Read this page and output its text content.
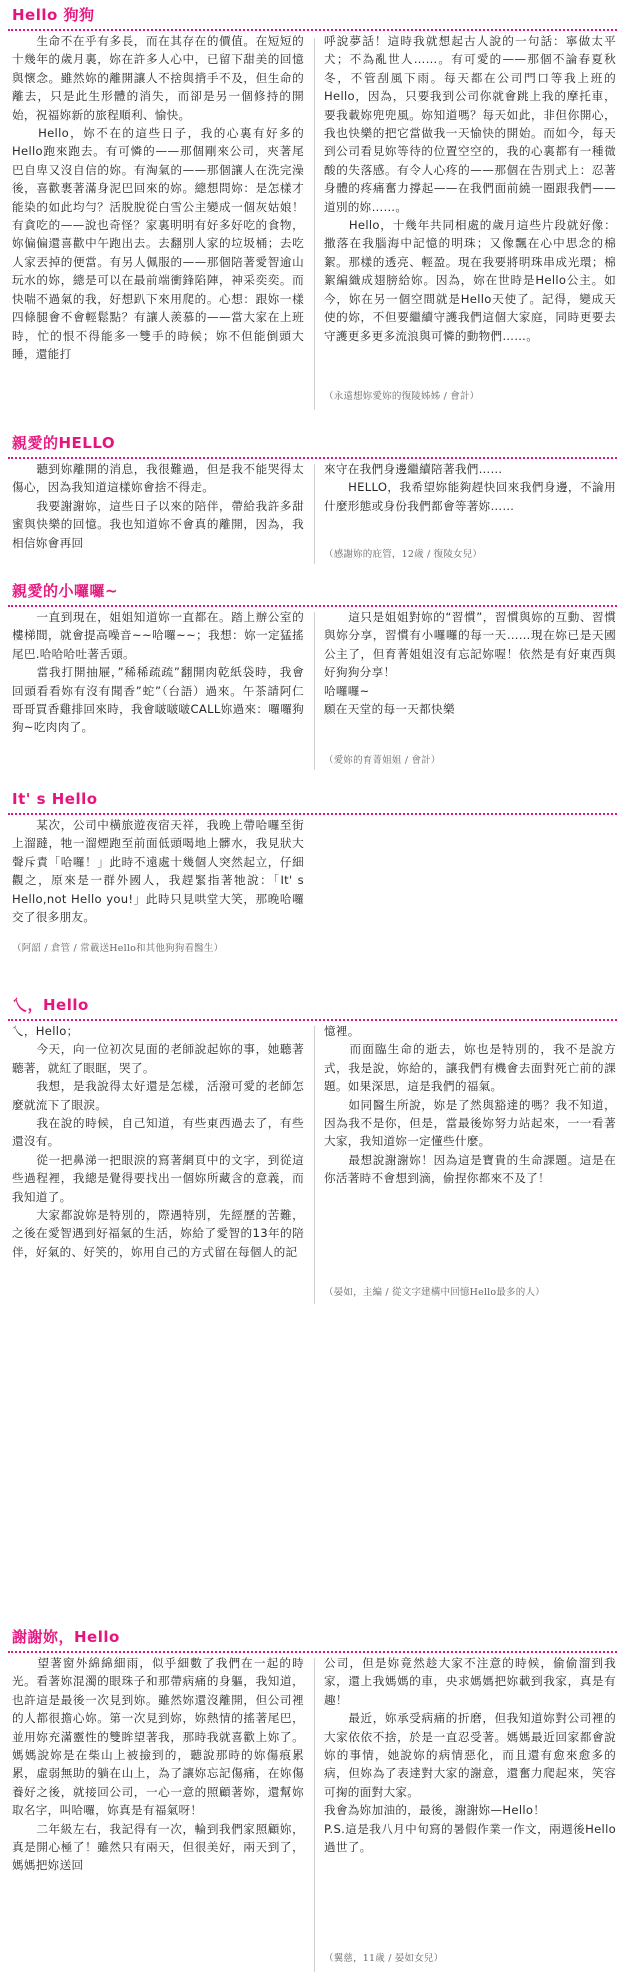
Hello 狗狗

　　生命不在乎有多長，而在其存在的價值。在短短的十幾年的歲月裏，妳在許多人心中，已留下甜美的回憶與懷念。雖然妳的離開讓人不捨與揹手不及，但生命的離去，只是此生形體的消失，而卻是另一個修持的開始，祝福妳新的旅程順利、愉快。
　　Hello，妳不在的這些日子，我的心裏有好多的Hello跑來跑去。有可憐的——那個剛來公司，夾著尾巴自卑又沒自信的妳。有淘氣的——那個讓人在洗完澡後，喜歡裹著滿身泥巴回來的妳。總想問妳：是怎樣才能染的如此均勻？活脫脫從白雪公主變成一個灰姑娘！有貪吃的——說也奇怪？家裏明明有好多好吃的食物，妳偏偏還喜歡中午跑出去。去翻別人家的垃圾桶；去吃人家丟掉的便當。有另人佩服的——那個陪著愛智逾山玩水的妳，總是可以在最前端衝鋒陷陣，神采奕奕。而快喘不過氣的我，好想趴下來用爬的。心想：跟妳一樣四條腿會不會輕鬆點？有讓人羨慕的——當大家在上班時，忙的恨不得能多一雙手的時候；妳不但能倒頭大睡，還能打

呼說夢話！這時我就想起古人說的一句話：寧做太平犬；不為亂世人……。有可愛的——那個不論春夏秋冬，不管刮風下雨。每天都在公司門口等我上班的Hello，因為，只要我到公司你就會跳上我的摩托車，要我載妳兜兜風。妳知道嗎？每天如此，非但你開心，我也快樂的把它當做我一天愉快的開始。而如今，每天到公司看見妳等待的位置空空的，我的心裏都有一種微酸的失落感。有令人心疼的——那個在告別式上：忍著身體的疼痛奮力撐起——在我們面前繞一圈跟我們——道別的妳……。
　　Hello，十幾年共同相處的歲月這些片段就好像：撒落在我腦海中記憶的明珠；又像飄在心中思念的棉絮。那樣的透亮、輕盈。現在我要將明珠串成光環；棉絮編織成翅膀給妳。因為，妳在世時是Hello公主。如今，妳在另一個空間就是Hello天使了。記得，變成天使的妳，不但要繼續守護我們這個大家庭，同時更要去守護更多更多流浪與可憐的動物們……。

（永遠想妳愛妳的復陵姊姊 / 會計）
親愛的HELLO

　　聽到妳離開的消息，我很難過，但是我不能哭得太傷心，因為我知道這樣妳會捨不得走。
　　我要謝謝妳，這些日子以來的陪伴，帶給我許多甜蜜與快樂的回憶。我也知道妳不會真的離開，因為，我相信妳會再回

來守在我們身邊繼續陪著我們……
　　HELLO，我希望妳能夠趕快回來我們身邊，不論用什麼形態或身份我們都會等著妳……

（感謝妳的庇管，12歲 / 復陵女兒）
親愛的小囉囉~

　　一直到現在，姐姐知道妳一直都在。踏上辦公室的樓梯間，就會提高噪音~~哈囉~~；我想：妳一定猛搖尾巴.哈哈哈吐著舌頭。
　　當我打開抽屜，”稀稀疏疏”翻開肉乾紙袋時，我會回頭看看妳有沒有聞香”蛇”（台語）過來。午茶請阿仁哥哥買香雞排回來時，我會啵啵啵CALL妳過來：囉囉狗狗~吃肉肉了。

　　這只是姐姐對妳的“習慣”，習慣與妳的互動、習慣與妳分享，習慣有小囉囉的每一天……現在妳已是天國公主了，但育菁姐姐沒有忘記妳喔！依然是有好東西與好狗狗分享！
哈囉囉~
願在天堂的每一天都快樂

（愛妳的育菁姐姐 / 會計）
It' s Hello

　　某次，公司中橫旅遊夜宿天祥，我晚上帶哈囉至街上溜躂，牠一溜煙跑至前面低頭喝地上髒水，我見狀大聲斥責「哈囉！」此時不遠處十幾個人突然起立，仔細觀之，原來是一群外國人，我趕緊指著牠說：「It' s Hello,not Hello you!」此時只見哄堂大笑，那晚哈囉交了很多朋友。

（阿韶 / 倉管 / 常載送Hello和其他狗狗看醫生）
乀，Hello

乀，Hello；
　　今天，向一位初次見面的老師說起妳的事，她聽著聽著，就紅了眼眶，哭了。
　　我想，是我說得太好還是怎樣，活潑可愛的老師怎麼就流下了眼淚。
　　我在說的時候，自己知道，有些東西過去了，有些還沒有。
　　從一把鼻涕一把眼淚的寫著網頁中的文字，到從這些過程裡，我總是覺得要找出一個妳所藏含的意義，而我知道了。
　　大家都說妳是特別的，際遇特別，先經歷的苦難，之後在愛智遇到好福氣的生活，妳給了愛智的13年的陪伴，好氣的、好笑的，妳用自己的方式留在每個人的記

憶裡。
　　而面臨生命的逝去，妳也是特別的，我不是說方式，我是說，妳給的，讓我們有機會去面對死亡前的課題。如果深思，這是我們的福氣。
　　如同醫生所說，妳是了然與豁達的嗎？我不知道，因為我不是你，但是，當最後妳努力站起來，一一看著大家，我知道妳一定懂些什麼。
　　最想說謝謝妳！因為這是寶貴的生命課題。這是在你活著時不會想到滴，偷捏你都來不及了！

（晏如，主編 / 從文字建構中回憶Hello最多的人）
謝謝妳，Hello

　　望著窗外綿綿細雨，似乎細數了我們在一起的時光。看著妳混濁的眼珠子和那帶病痛的身軀，我知道，也許這是最後一次見到妳。雖然妳還沒離開，但公司裡的人都很擔心妳。第一次見到妳，妳熱情的搖著尾巴，並用妳充滿靈性的雙眸望著我，那時我就喜歡上妳了。媽媽說妳是在柴山上被撿到的，聽說那時的妳傷痕累累，虛弱無助的躺在山上，為了讓妳忘記傷痛，在妳傷養好之後，就接回公司，一心一意的照顧著妳，還幫妳取名字，叫哈囉，妳真是有福氣呀！
　　二年級左右，我記得有一次，輪到我們家照顧妳，真是開心極了！雖然只有兩天，但很美好，兩天到了，媽媽把妳送回

公司，但是妳竟然趁大家不注意的時候，偷偷溜到我家，還上我媽媽的車，央求媽媽把妳載到我家，真是有趣！
　　最近，妳承受病痛的折磨，但我知道妳對公司裡的大家依依不捨，於是一直忍受著。媽媽最近回家都會說妳的事情，她說妳的病情惡化，而且還有愈來愈多的病，但妳為了表達對大家的謝意，還奮力爬起來，笑容可掬的面對大家。
我會為妳加油的，最後，謝謝妳—Hello！
P.S.這是我八月中旬寫的暑假作業一作文，兩週後Hello過世了。

（翼慈，11歲 / 晏如女兒）
